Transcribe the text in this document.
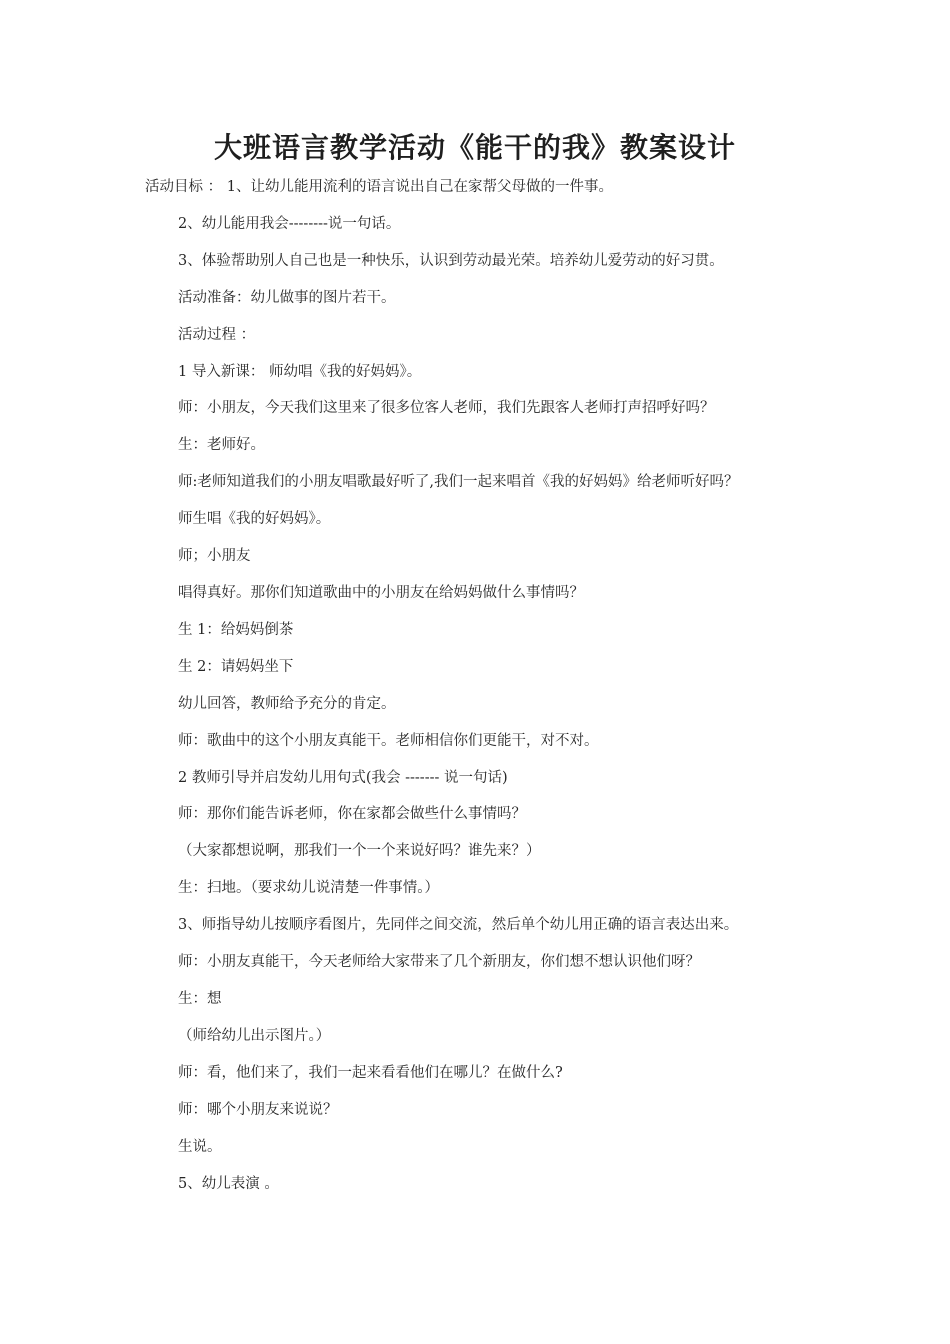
大班语言教学活动《能干的我》教案设计
活动目标 ： 1、让幼儿能用流利的语言说出自己在家帮父母做的一件事。
2、幼儿能用我会--------说一句话。
3、体验帮助别人自己也是一种快乐，认识到劳动最光荣。培养幼儿爱劳动的好习贯。
活动准备：幼儿做事的图片若干。
活动过程 ：
1 导入新课： 师幼唱《我的好妈妈》。
师：小朋友，今天我们这里来了很多位客人老师，我们先跟客人老师打声招呼好吗？
生：老师好。
师:老师知道我们的小朋友唱歌最好听了,我们一起来唱首《我的好妈妈》给老师听好吗？
师生唱《我的好妈妈》。
师；小朋友
唱得真好。那你们知道歌曲中的小朋友在给妈妈做什么事情吗？
生 1：给妈妈倒茶
生 2：请妈妈坐下
幼儿回答，教师给予充分的肯定。
师：歌曲中的这个小朋友真能干。老师相信你们更能干，对不对。
2 教师引导并启发幼儿用句式(我会 ------- 说一句话)
师：那你们能告诉老师，你在家都会做些什么事情吗？
（大家都想说啊，那我们一个一个来说好吗？谁先来？）
生：扫地。（要求幼儿说清楚一件事情。）
3、师指导幼儿按顺序看图片，先同伴之间交流，然后单个幼儿用正确的语言表达出来。
师：小朋友真能干，今天老师给大家带来了几个新朋友，你们想不想认识他们呀？
生：想
（师给幼儿出示图片。）
师：看，他们来了，我们一起来看看他们在哪儿？在做什么?
师：哪个小朋友来说说？
生说。
5、幼儿表演 。
